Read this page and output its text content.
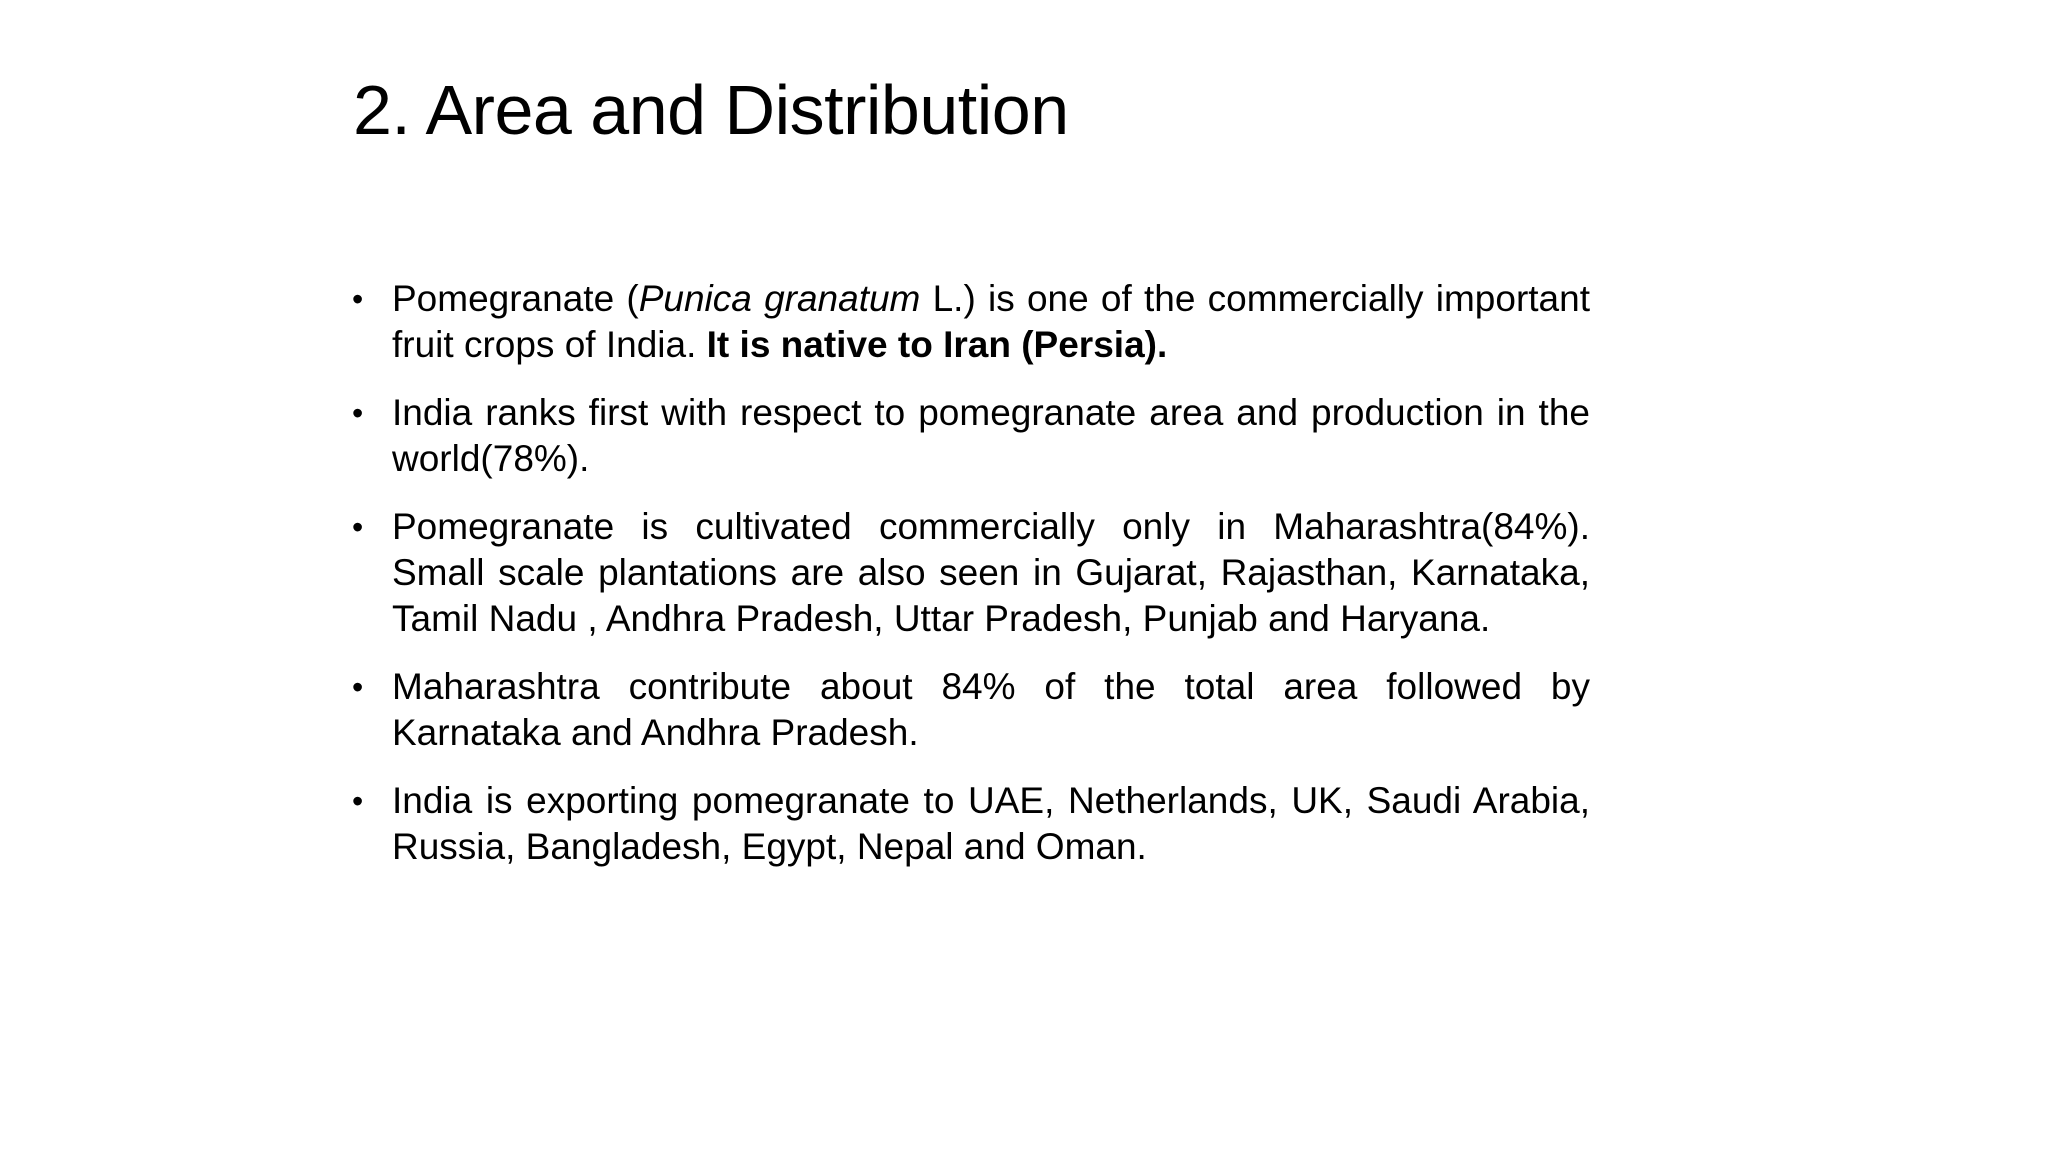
2. Area and Distribution
• Pomegranate (Punica granatum L.) is one of the commercially important fruit crops of India. It is native to Iran (Persia).
• India ranks first with respect to pomegranate area and production in the world(78%).
• Pomegranate is cultivated commercially only in Maharashtra(84%). Small scale plantations are also seen in Gujarat, Rajasthan, Karnataka, Tamil Nadu , Andhra Pradesh, Uttar Pradesh, Punjab and Haryana.
• Maharashtra contribute about 84% of the total area followed by Karnataka and Andhra Pradesh.
• India is exporting pomegranate to UAE, Netherlands, UK, Saudi Arabia, Russia, Bangladesh, Egypt, Nepal and Oman.
